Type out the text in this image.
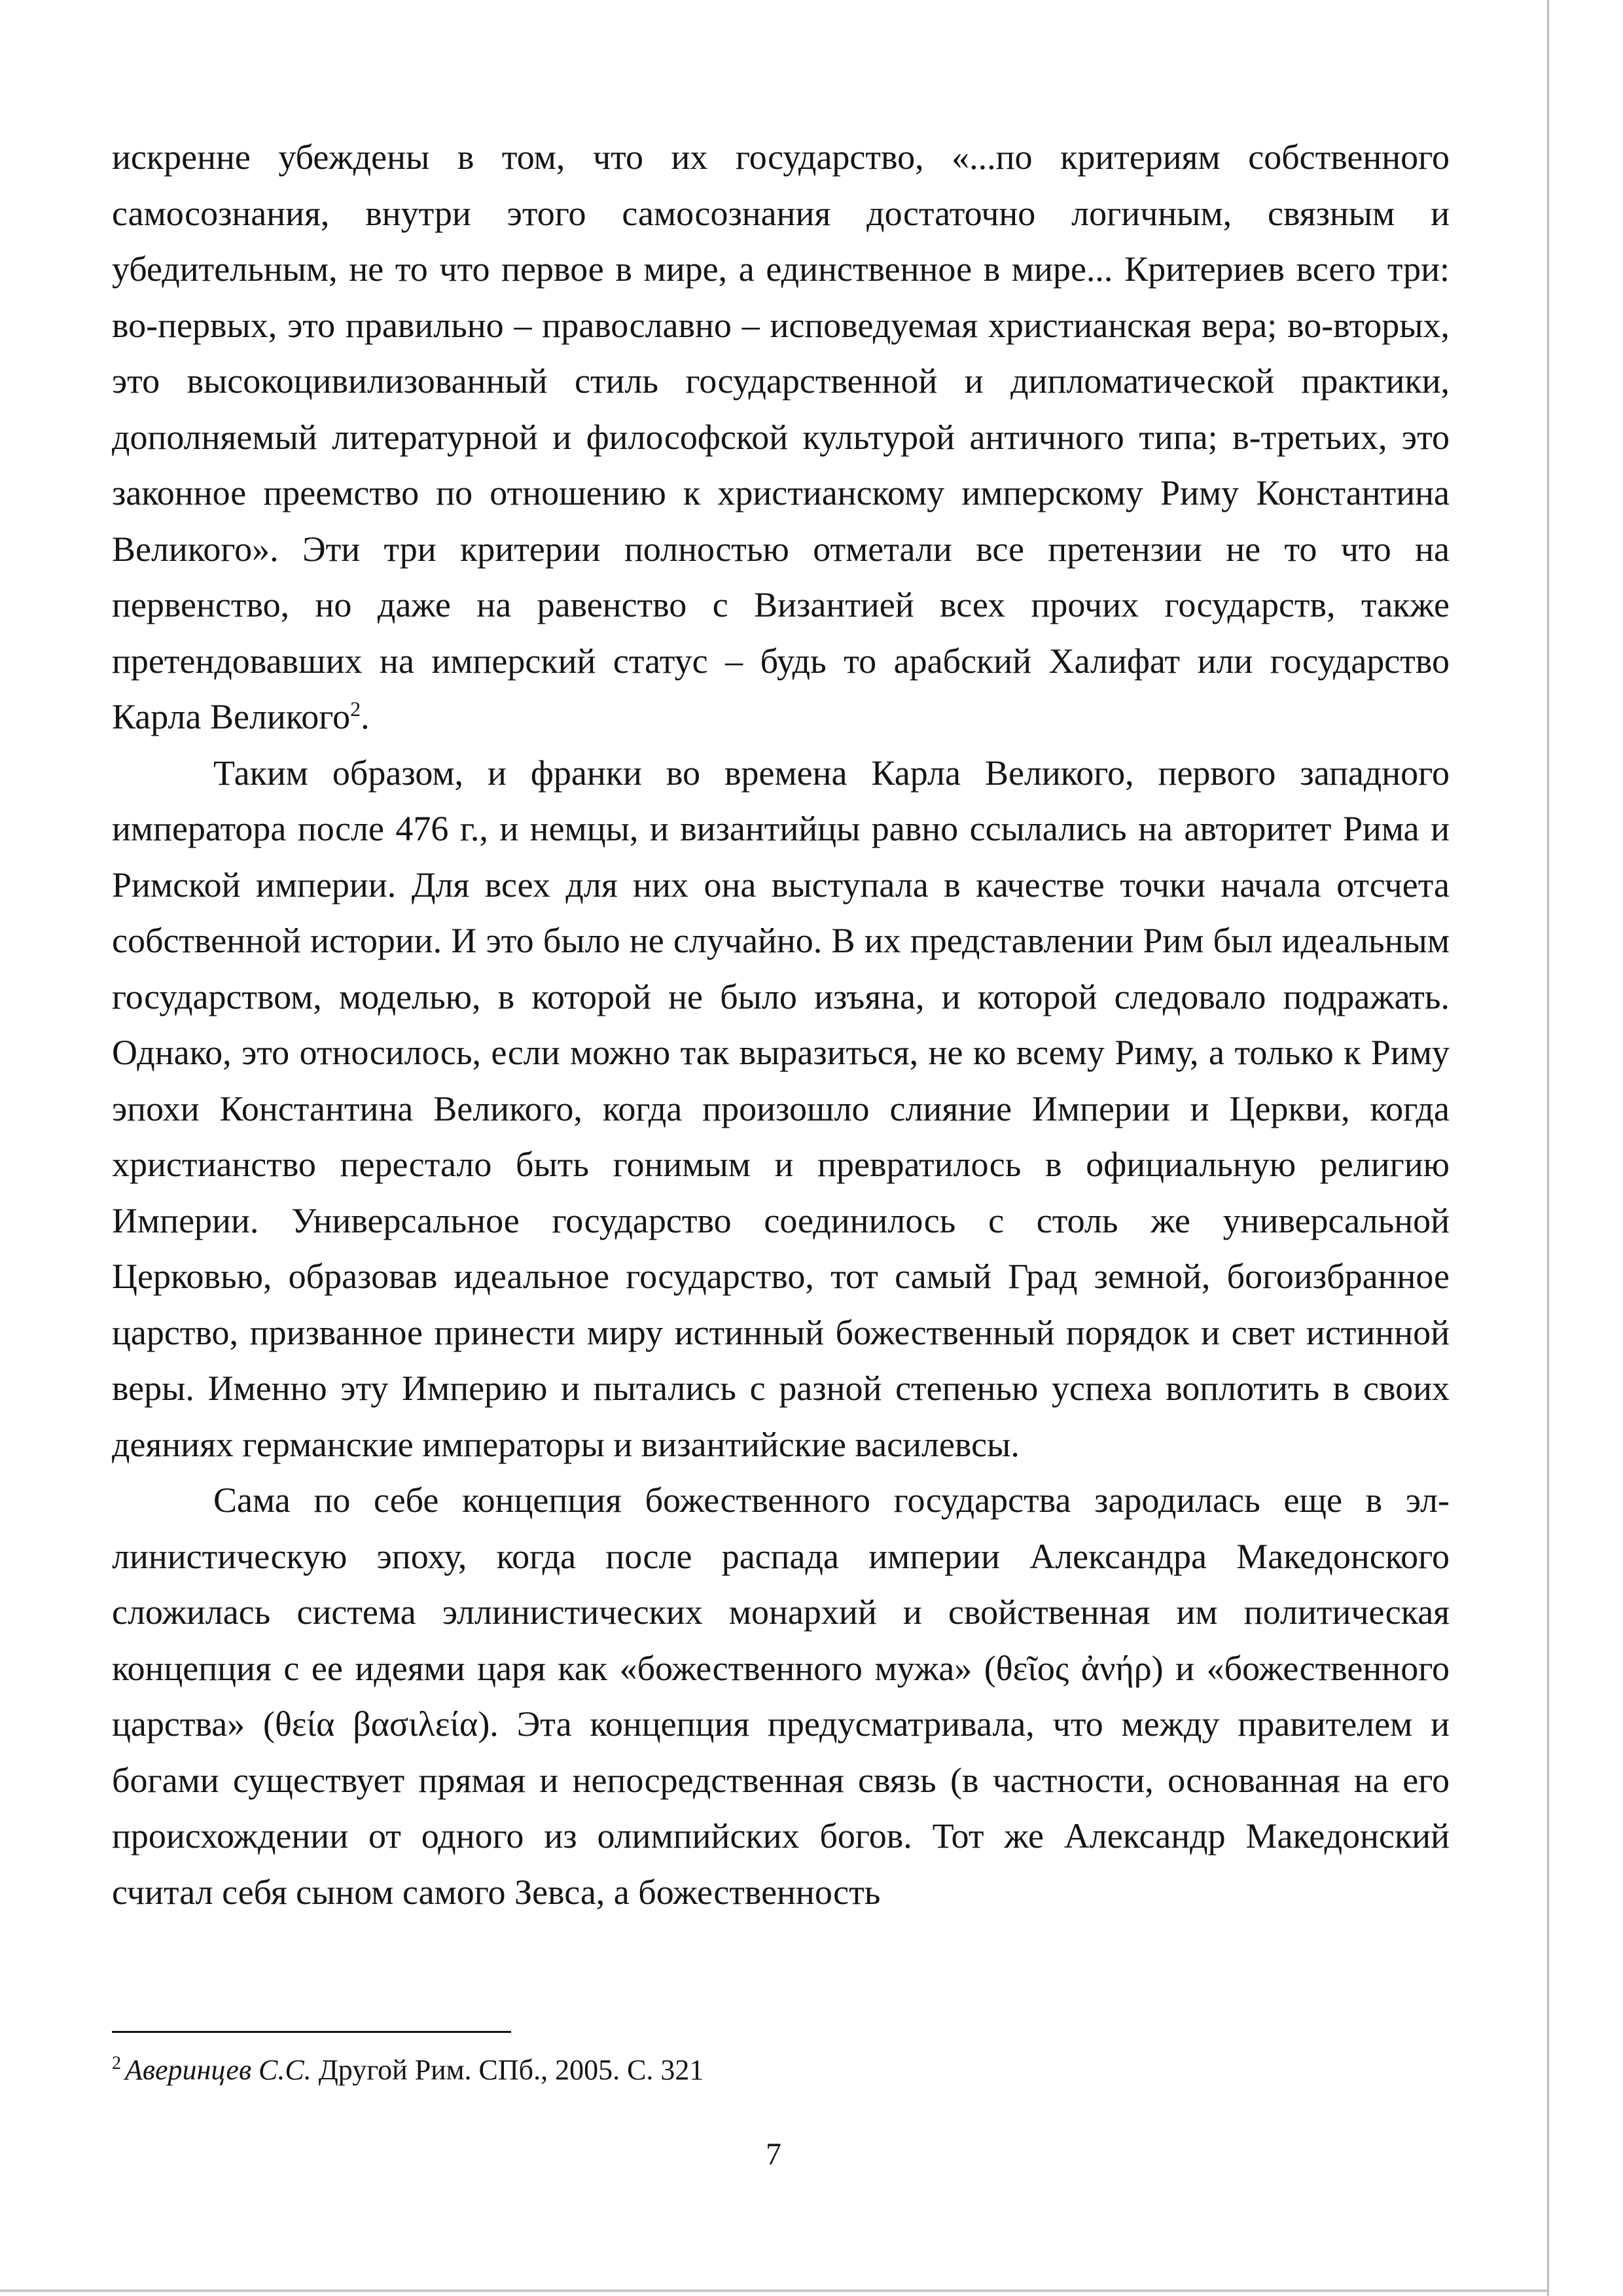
искренне убеждены в том, что их государство, «...по критериям собственного самосознания, внутри этого самосознания достаточно логичным, связным и убедительным, не то что первое в мире, а единственное в мире... Критериев всего три: во-первых, это правильно – православно – исповедуемая христианская вера; во-вторых, это высокоцивилизованный стиль государственной и дипломатической практики, дополняемый литературной и философской культурой античного типа; в-третьих, это законное преемство по отношению к христианскому имперскому Риму Константина Великого». Эти три критерии полностью отметали все претензии не то что на первенство, но даже на равенство с Византией всех прочих государств, также претендовавших на имперский статус – будь то арабский Халифат или государство Карла Великого$^2$.

Таким образом, и франки во времена Карла Великого, первого западного императора после 476 г., и немцы, и византийцы равно ссылались на авторитет Рима и Римской империи. Для всех для них она выступала в качестве точки начала отсчета собственной истории. И это было не случайно. В их представлении Рим был идеальным государством, моделью, в которой не было изъяна, и которой следовало подражать. Однако, это относилось, если можно так выразиться, не ко всему Риму, а только к Риму эпохи Константина Великого, когда произошло слияние Империи и Церкви, когда христианство перестало быть гонимым и превратилось в официальную религию Империи. Универсальное государство соединилось с столь же универсальной Церковью, образовав идеальное государство, тот самый Град земной, богоизбранное царство, призванное принести миру истинный божественный порядок и свет истинной веры. Именно эту Империю и пытались с разной степенью успеха воплотить в своих деяниях германские императоры и византийские василевсы.

Сама по себе концепция божественного государства зародилась еще в эллинистическую эпоху, когда после распада империи Александра Македонского сложилась система эллинистических монархий и свойственная им политическая концепция с ее идеями царя как «божественного мужа» (θεῖος ἀνήρ) и «божественного царства» (θεία βασιλεία). Эта концепция предусматривала, что между правителем и богами существует прямая и непосредственная связь (в частности, основанная на его происхождении от одного из олимпийских богов. Тот же Александр Македонский считал себя сыном самого Зевса, а божественность

$^2$ Аверинцев С.С. Другой Рим. СПб., 2005. С. 321
7
